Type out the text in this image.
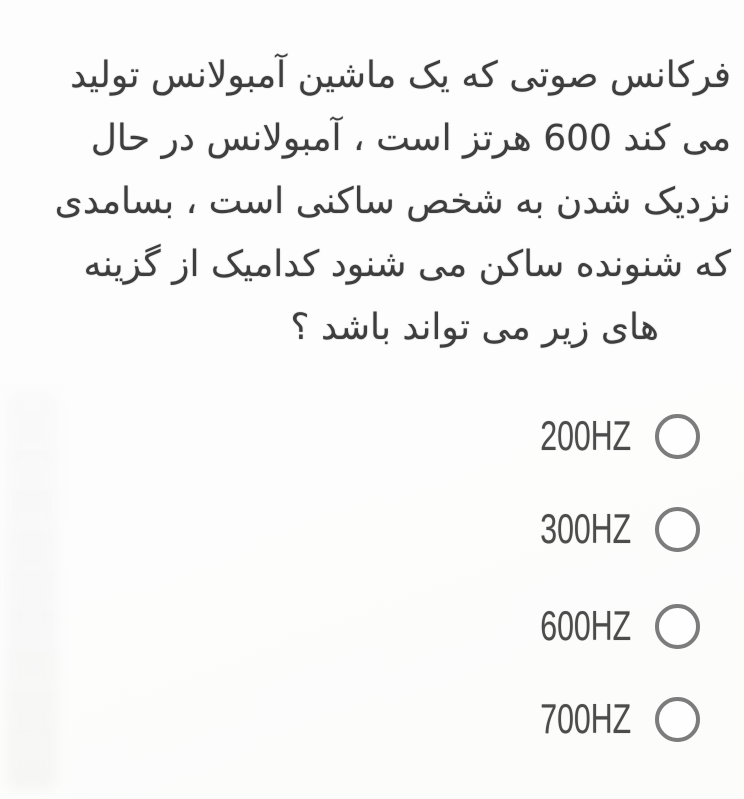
فرکانس صوتی که یک ماشین آمبولانس تولید
می کند 600 هرتز است ، آمبولانس در حال
نزدیک شدن به شخص ساکنی است ، بسامدی
که شنونده ساکن می شنود کدامیک از گزینه
های زیر می تواند باشد ؟
200HZ
300HZ
600HZ
700HZ
